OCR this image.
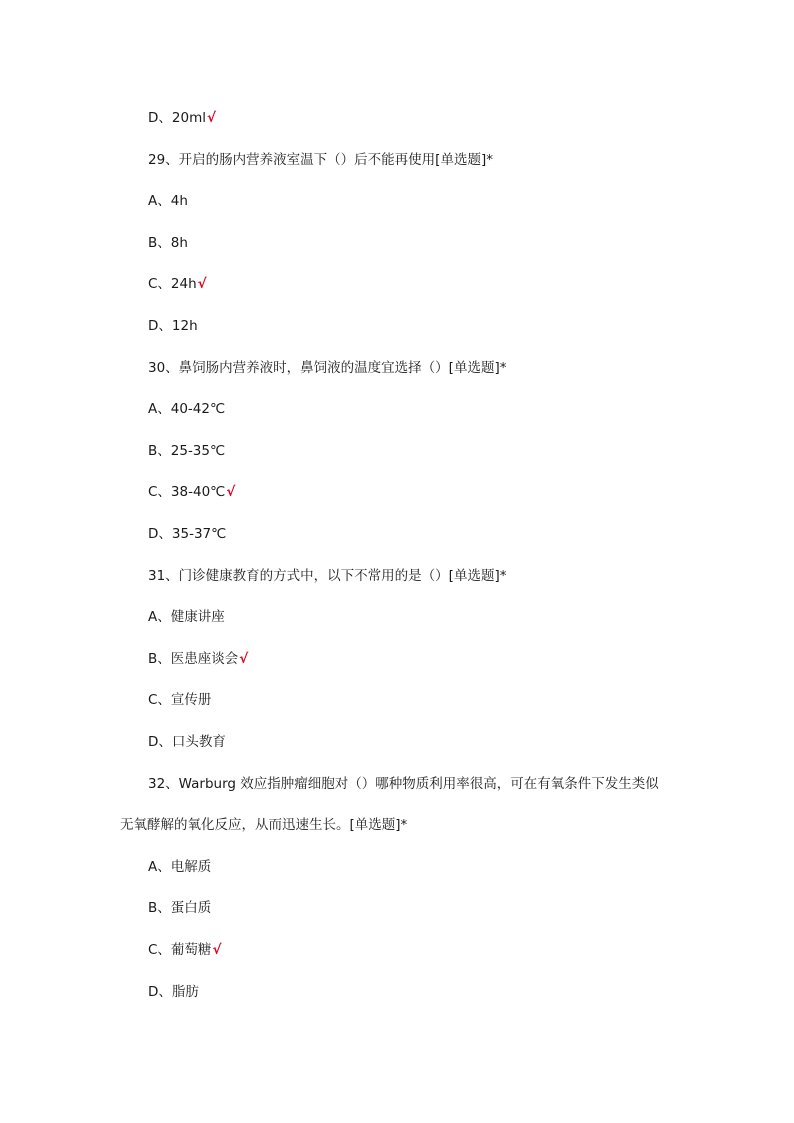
D、20ml√
29、开启的肠内营养液室温下（）后不能再使用[单选题]*
A、4h
B、8h
C、24h√
D、12h
30、鼻饲肠内营养液时，鼻饲液的温度宜选择（）[单选题]*
A、40-42℃
B、25-35℃
C、38-40℃√
D、35-37℃
31、门诊健康教育的方式中，以下不常用的是（）[单选题]*
A、健康讲座
B、医患座谈会√
C、宣传册
D、口头教育
32、Warburg 效应指肿瘤细胞对（）哪种物质利用率很高，可在有氧条件下发生类似
无氧酵解的氧化反应，从而迅速生长。[单选题]*
A、电解质
B、蛋白质
C、葡萄糖√
D、脂肪
